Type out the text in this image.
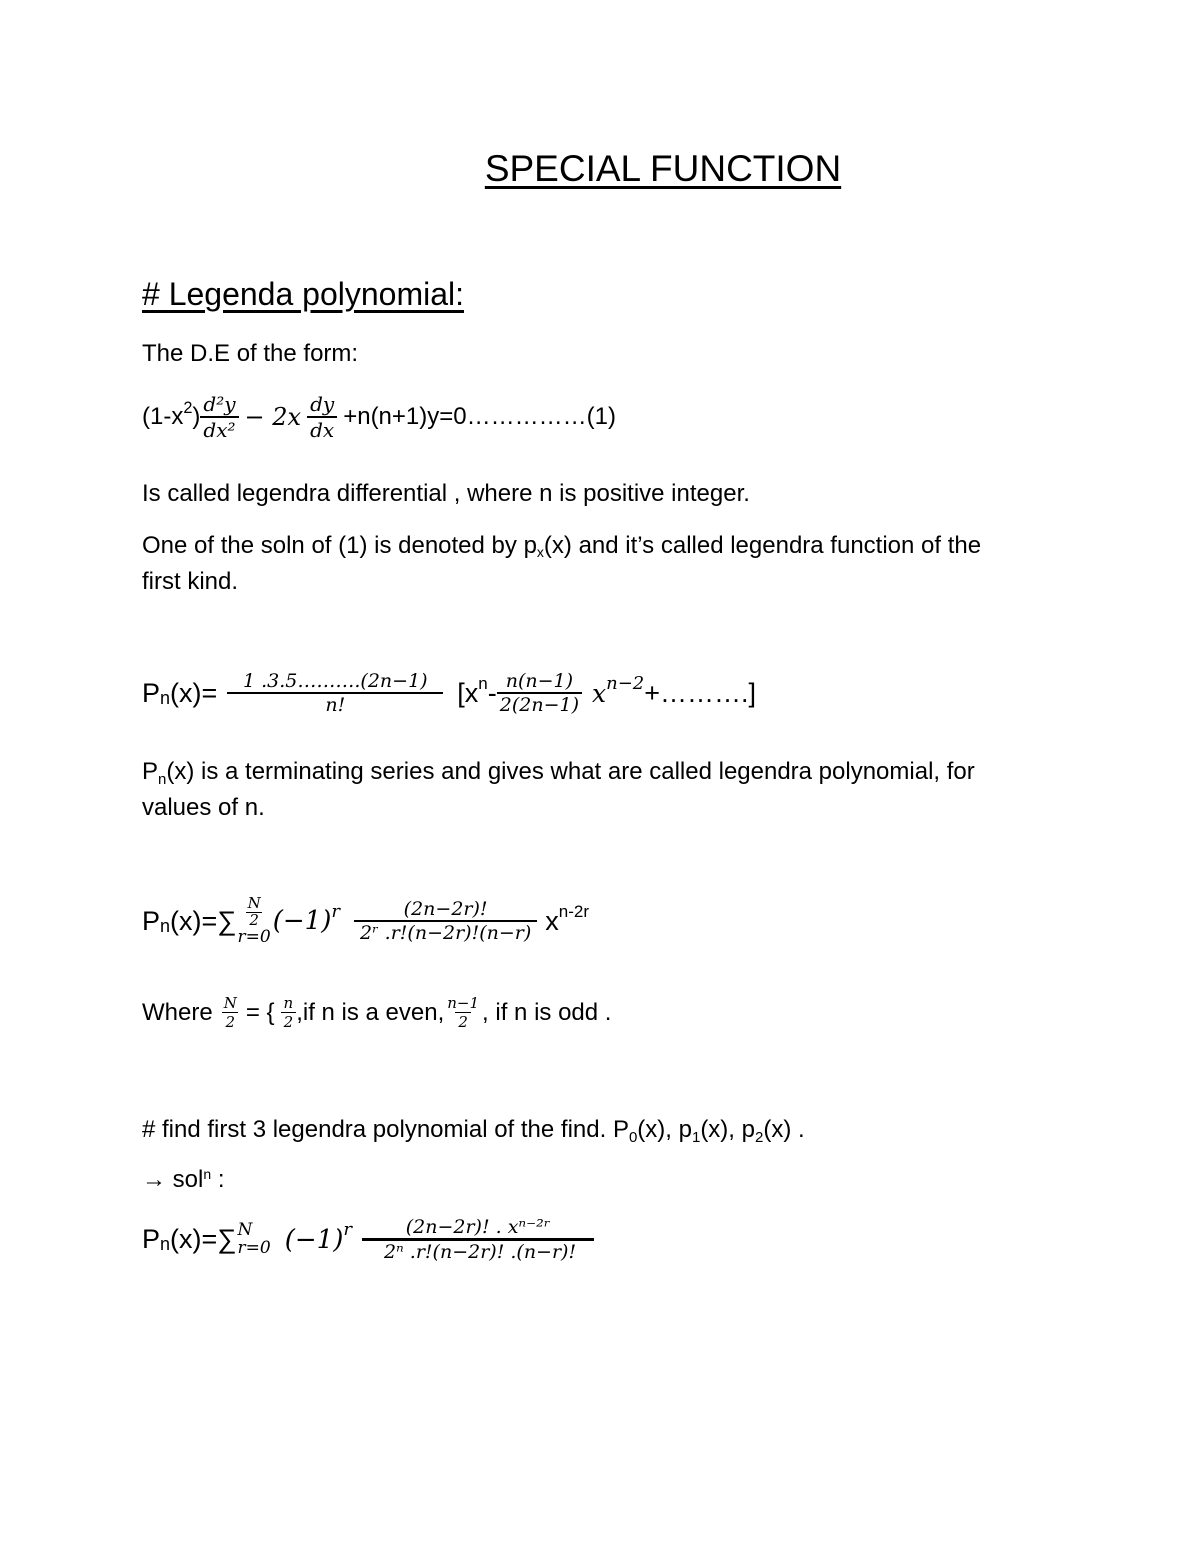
SPECIAL FUNCTION
# Legenda polynomial:
The D.E of the form:
(1-x 2 ) $\frac{\text{d²y}}{\text{dx²}} - 2x \frac{dy}{dx}$ +n(n+1)y=0……………(1)
Is called legendra differential , where n is positive integer.
One of the soln of (1) is denoted by px(x) and it’s called legendra function of the
first kind.
P n $(x)= \frac{1 .3.5\dots\dots\dots.(2n-1)}{n!} [x$ n - $\frac{n(n-1)}{2(2n-1)}$ x n−2 +……….]
Pn(x) is a terminating series and gives what are called legendra polynomial, for
values of n.
P n $(x)=\sum \frac{N}{2}$
r=0
(−1) r $\frac{(2n-2r)!}{\text{2ʳ .r!(n−2r)!(n−r)}}$ x n-2r
Where $\frac{N}{2}$ = { $\frac{n}{2} ,if$ n is a even, $\frac{n-1}{2}$ , if n is odd .
# find first 3 legendra polynomial of the find. P0(x), p1(x), p2(x) .
→ sol$^n$ :
P n (x)=∑ N
r=0 (−1) r $\frac{\text{(2n−2r)! . xⁿ⁻²ʳ}}{\text{2ⁿ .r!(n−2r)! .(n−r)!}}$
